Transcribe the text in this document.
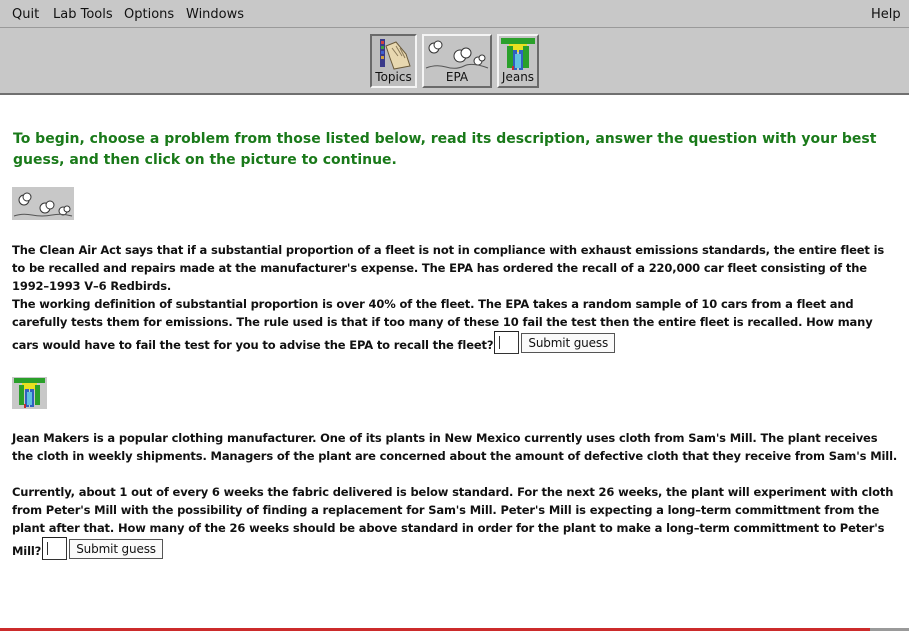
Quit Lab Tools Options Windows	Help
Topics	EPA	Jeans
To begin, choose a problem from those listed below, read its description, answer the question with your best guess, and then click on the picture to continue.
The Clean Air Act says that if a substantial proportion of a fleet is not in compliance with exhaust emissions standards, the entire fleet is to be recalled and repairs made at the manufacturer's expense. The EPA has ordered the recall of a 220,000 car fleet consisting of the 1992–1993 V–6 Redbirds.
The working definition of substantial proportion is over 40% of the fleet. The EPA takes a random sample of 10 cars from a fleet and carefully tests them for emissions. The rule used is that if too many of these 10 fail the test then the entire fleet is recalled. How many cars would have to fail the test for you to advise the EPA to recall the fleet?	Submit guess
Jean Makers is a popular clothing manufacturer. One of its plants in New Mexico currently uses cloth from Sam's Mill. The plant receives the cloth in weekly shipments. Managers of the plant are concerned about the amount of defective cloth that they receive from Sam's Mill.
Currently, about 1 out of every 6 weeks the fabric delivered is below standard. For the next 26 weeks, the plant will experiment with cloth from Peter's Mill with the possibility of finding a replacement for Sam's Mill. Peter's Mill is expecting a long–term committment from the plant after that. How many of the 26 weeks should be above standard in order for the plant to make a long–term committment to Peter's Mill?	Submit guess
